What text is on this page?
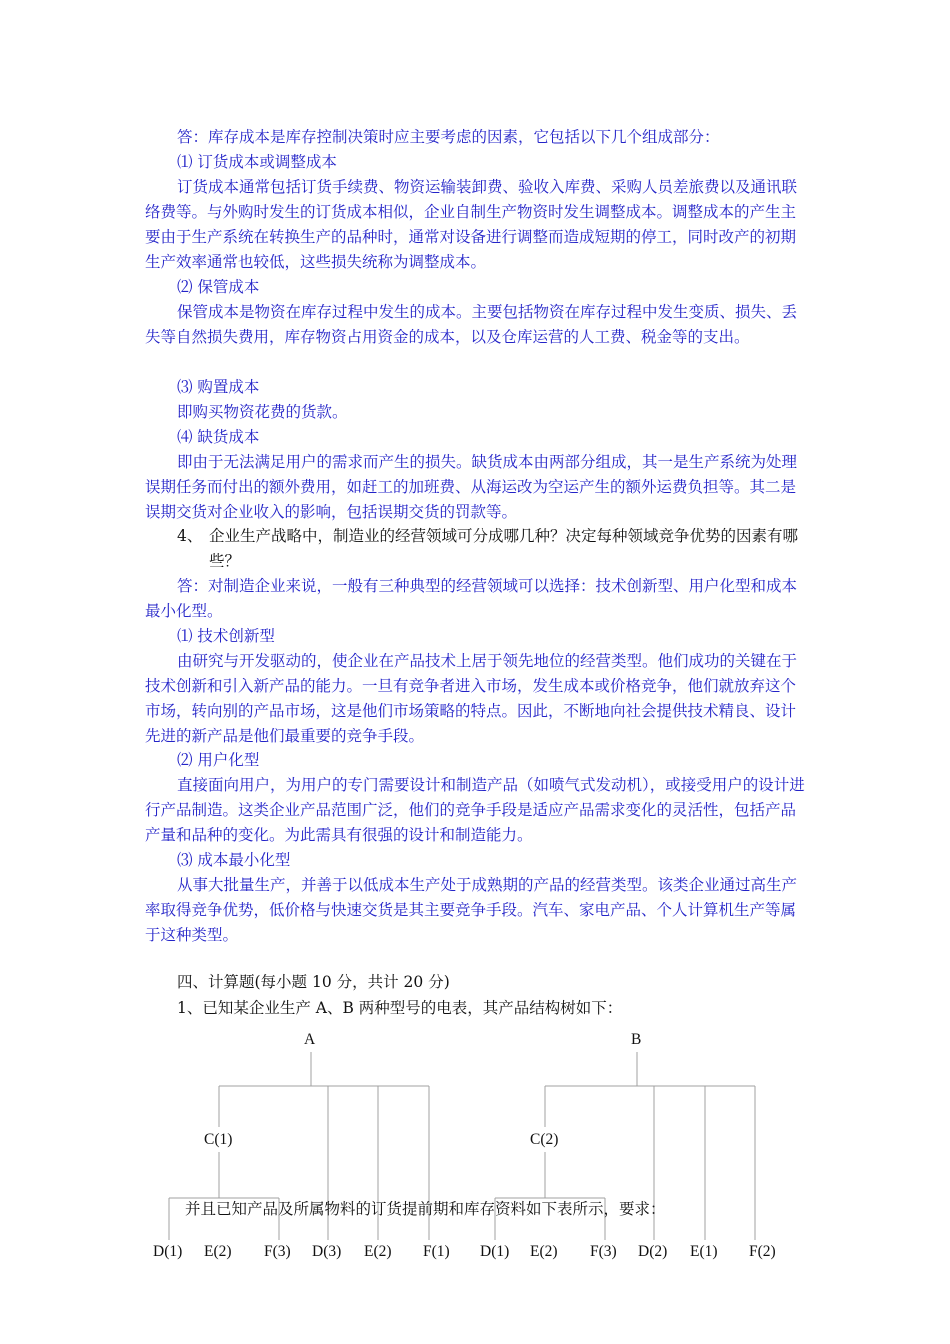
答：库存成本是库存控制决策时应主要考虑的因素，它包括以下几个组成部分：

⑴ 订货成本或调整成本

订货成本通常包括订货手续费、物资运输装卸费、验收入库费、采购人员差旅费以及通讯联络费等。与外购时发生的订货成本相似，企业自制生产物资时发生调整成本。调整成本的产生主要由于生产系统在转换生产的品种时，通常对设备进行调整而造成短期的停工，同时改产的初期生产效率通常也较低，这些损失统称为调整成本。

⑵ 保管成本

保管成本是物资在库存过程中发生的成本。主要包括物资在库存过程中发生变质、损失、丢失等自然损失费用，库存物资占用资金的成本，以及仓库运营的人工费、税金等的支出。

⑶ 购置成本

即购买物资花费的货款。

⑷ 缺货成本

即由于无法满足用户的需求而产生的损失。缺货成本由两部分组成，其一是生产系统为处理误期任务而付出的额外费用，如赶工的加班费、从海运改为空运产生的额外运费负担等。其二是误期交货对企业收入的影响，包括误期交货的罚款等。

4、 企业生产战略中，制造业的经营领域可分成哪几种？决定每种领域竞争优势的因素有哪些？

答：对制造企业来说，一般有三种典型的经营领域可以选择：技术创新型、用户化型和成本最小化型。

⑴ 技术创新型

由研究与开发驱动的，使企业在产品技术上居于领先地位的经营类型。他们成功的关键在于技术创新和引入新产品的能力。一旦有竞争者进入市场，发生成本或价格竞争，他们就放弃这个市场，转向别的产品市场，这是他们市场策略的特点。因此，不断地向社会提供技术精良、设计先进的新产品是他们最重要的竞争手段。

⑵ 用户化型

直接面向用户，为用户的专门需要设计和制造产品（如喷气式发动机），或接受用户的设计进行产品制造。这类企业产品范围广泛，他们的竞争手段是适应产品需求变化的灵活性，包括产品产量和品种的变化。为此需具有很强的设计和制造能力。

⑶ 成本最小化型

从事大批量生产，并善于以低成本生产处于成熟期的产品的经营类型。该类企业通过高生产率取得竞争优势，低价格与快速交货是其主要竞争手段。汽车、家电产品、个人计算机生产等属于这种类型。

四、计算题(每小题 10 分，共计 20 分)

1、已知某企业生产 A、B 两种型号的电表，其产品结构树如下：

A
C(1)
D(1) E(2) F(3) D(3) E(2) F(1)
B
C(2)
D(1) E(2) F(3) D(2) E(1) F(2)

并且已知产品及所属物料的订货提前期和库存资料如下表所示，要求：
